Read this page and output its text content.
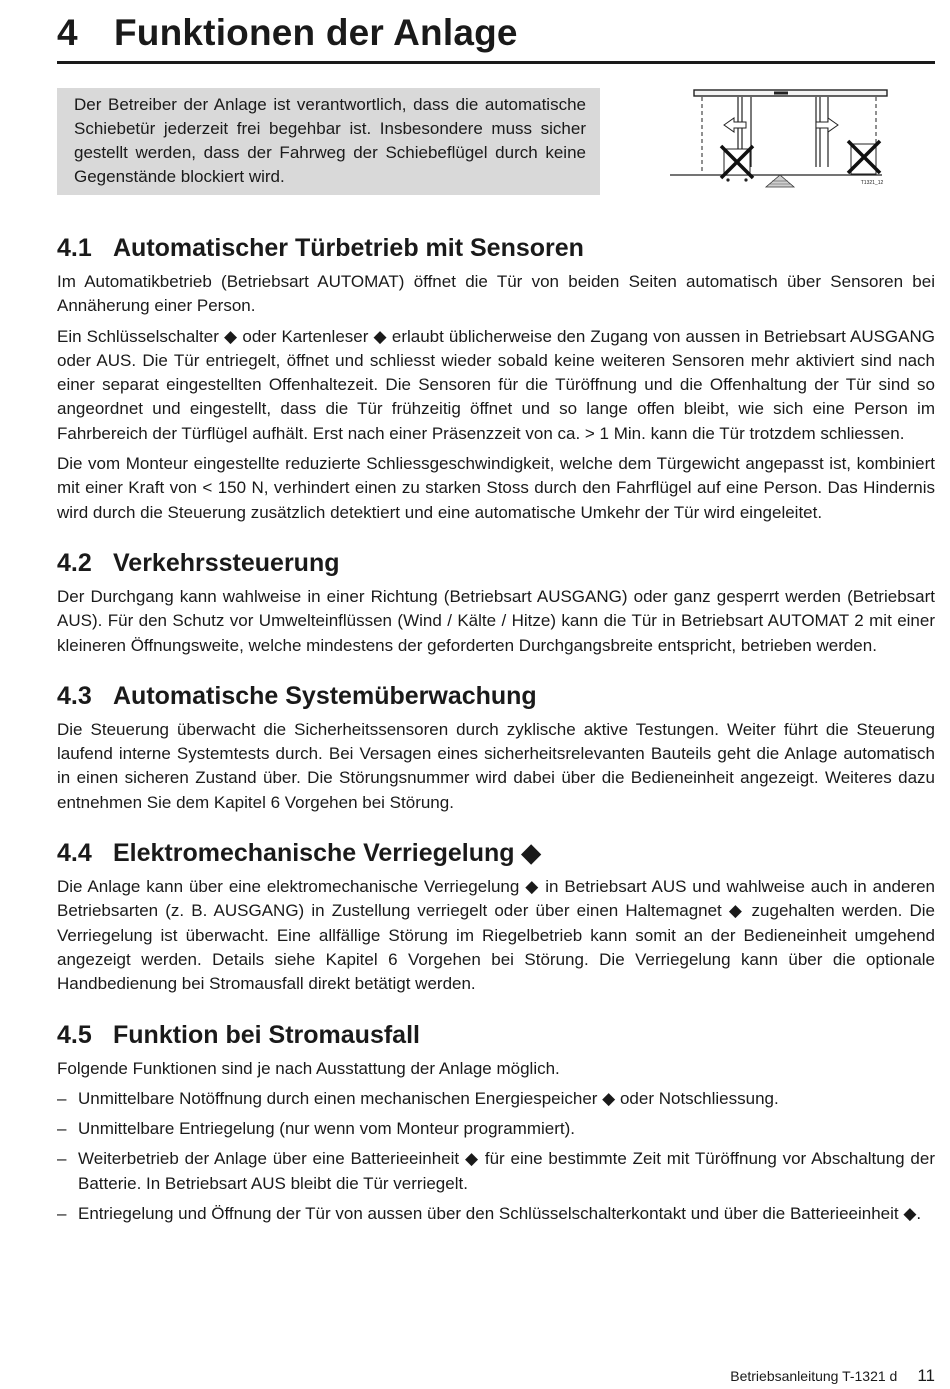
4 Funktionen der Anlage
Der Betreiber der Anlage ist verantwortlich, dass die automatische Schiebetür jederzeit frei begehbar ist. Insbesondere muss sicher gestellt werden, dass der Fahrweg der Schiebeflügel durch keine Gegenstände blockiert wird.	T1321_12
4.1 Automatischer Türbetrieb mit Sensoren

Im Automatikbetrieb (Betriebsart AUTOMAT) öffnet die Tür von beiden Seiten automatisch über Sensoren bei Annäherung einer Person.

Ein Schlüsselschalter ◆ oder Kartenleser ◆ erlaubt üblicherweise den Zugang von aussen in Betriebsart AUSGANG oder AUS. Die Tür entriegelt, öffnet und schliesst wieder sobald keine weiteren Sensoren mehr aktiviert sind nach einer separat eingestellten Offenhaltezeit. Die Sensoren für die Türöffnung und die Offenhaltung der Tür sind so angeordnet und eingestellt, dass die Tür frühzeitig öffnet und so lange offen bleibt, wie sich eine Person im Fahrbereich der Türflügel aufhält. Erst nach einer Präsenzzeit von ca. > 1 Min. kann die Tür trotzdem schliessen.

Die vom Monteur eingestellte reduzierte Schliessgeschwindigkeit, welche dem Türgewicht angepasst ist, kombiniert mit einer Kraft von < 150 N, verhindert einen zu starken Stoss durch den Fahrflügel auf eine Person. Das Hindernis wird durch die Steuerung zusätzlich detektiert und eine automatische Umkehr der Tür wird eingeleitet.

4.2 Verkehrssteuerung

Der Durchgang kann wahlweise in einer Richtung (Betriebsart AUSGANG) oder ganz gesperrt werden (Betriebsart AUS). Für den Schutz vor Umwelteinflüssen (Wind / Kälte / Hitze) kann die Tür in Betriebsart AUTOMAT 2 mit einer kleineren Öffnungsweite, welche mindestens der geforderten Durchgangsbreite entspricht, betrieben werden.

4.3 Automatische Systemüberwachung

Die Steuerung überwacht die Sicherheitssensoren durch zyklische aktive Testungen. Weiter führt die Steuerung laufend interne Systemtests durch. Bei Versagen eines sicherheitsrelevanten Bauteils geht die Anlage automatisch in einen sicheren Zustand über. Die Störungsnummer wird dabei über die Bedieneinheit angezeigt. Weiteres dazu entnehmen Sie dem Kapitel 6 Vorgehen bei Störung.

4.4 Elektromechanische Verriegelung ◆

Die Anlage kann über eine elektromechanische Verriegelung ◆ in Betriebsart AUS und wahlweise auch in anderen Betriebsarten (z. B. AUSGANG) in Zustellung verriegelt oder über einen Haltemagnet ◆ zugehalten werden. Die Verriegelung ist überwacht. Eine allfällige Störung im Riegelbetrieb kann somit an der Bedieneinheit umgehend angezeigt werden. Details siehe Kapitel 6 Vorgehen bei Störung. Die Verriegelung kann über die optionale Handbedienung bei Stromausfall direkt betätigt werden.

4.5 Funktion bei Stromausfall

Folgende Funktionen sind je nach Ausstattung der Anlage möglich.

– Unmittelbare Notöffnung durch einen mechanischen Energiespeicher ◆ oder Notschliessung.
– Unmittelbare Entriegelung (nur wenn vom Monteur programmiert).
– Weiterbetrieb der Anlage über eine Batterieeinheit ◆ für eine bestimmte Zeit mit Türöffnung vor Abschaltung der Batterie. In Betriebsart AUS bleibt die Tür verriegelt.
– Entriegelung und Öffnung der Tür von aussen über den Schlüsselschalterkontakt und über die Batterieeinheit ◆.
Betriebsanleitung T-1321 d 11
